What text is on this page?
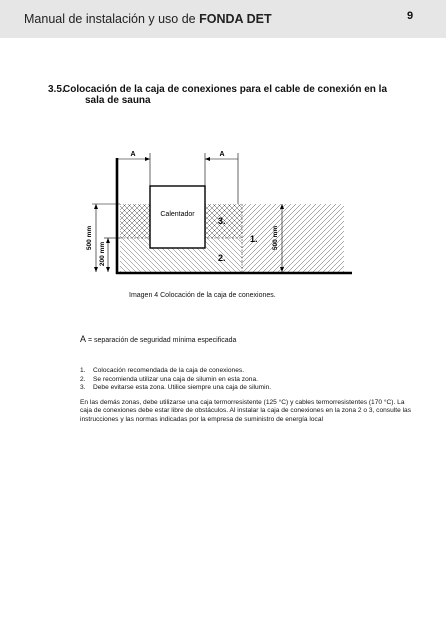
Manual de instalación y uso de FONDA DET	9
3.5.
Colocación de la caja de conexiones para el cable de conexión en la
sala de sauna
Calentador
A	A
500 mm
200 mm
500 mm
3.
1.
2.
Imagen 4 Colocación de la caja de conexiones.
A = separación de seguridad mínima especificada
1. Colocación recomendada de la caja de conexiones.
2. Se recomienda utilizar una caja de silumin en esta zona.
3. Debe evitarse esta zona. Utilice siempre una caja de silumin.
En las demás zonas, debe utilizarse una caja termorresistente (125 °C) y cables termorresistentes (170 °C). La caja de conexiones debe estar libre de obstáculos. Al instalar la caja de conexiones en la zona 2 o 3, consulte las instrucciones y las normas indicadas por la empresa de suministro de energía local
